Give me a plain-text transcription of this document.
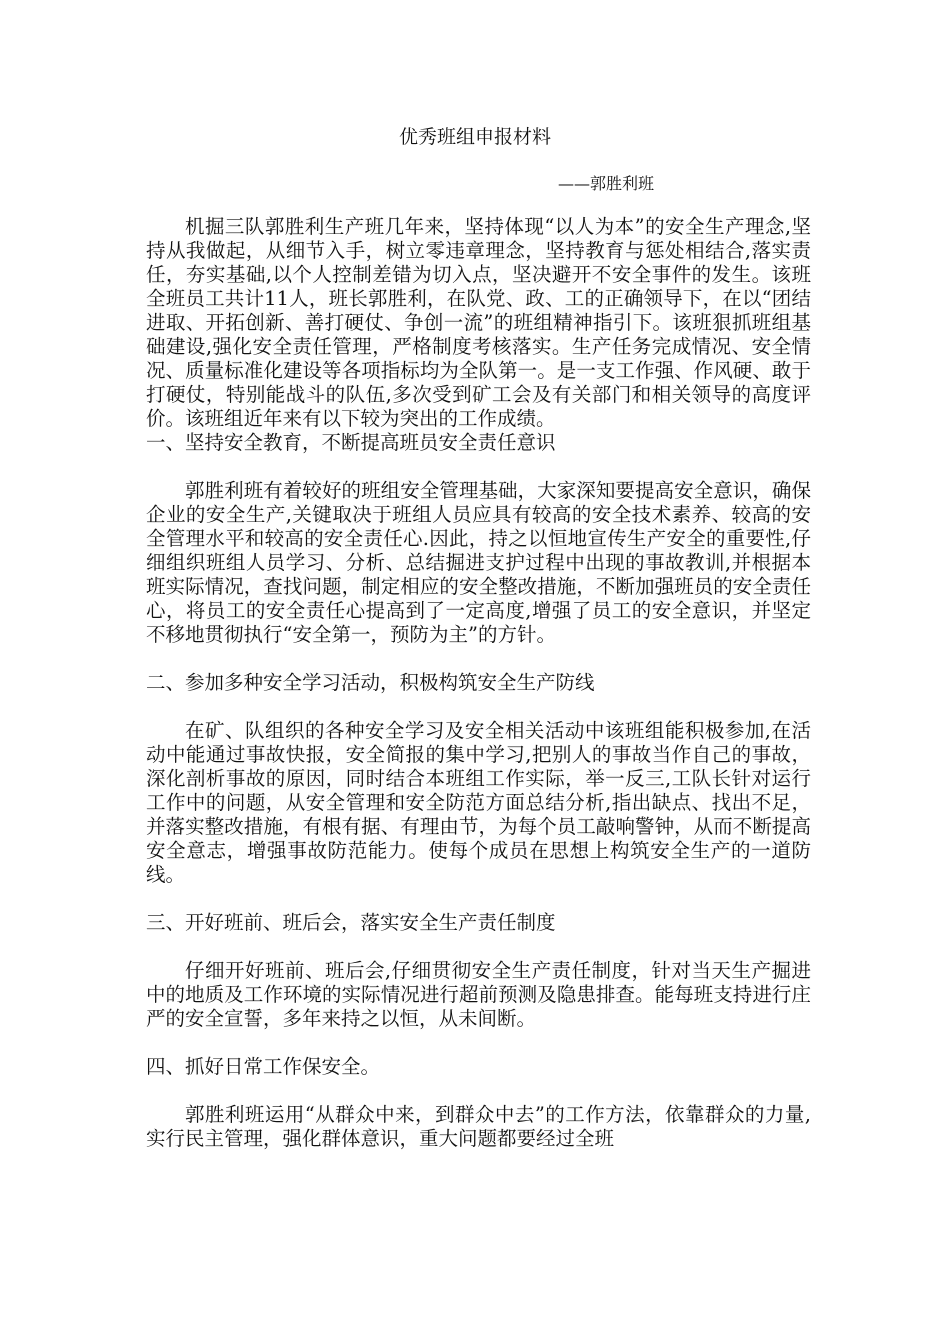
优秀班组申报材料
——郭胜利班

机掘三队郭胜利生产班几年来，坚持体现“以人为本”的安全生产理念,坚持从我做起，从细节入手，树立零违章理念，坚持教育与惩处相结合,落实责任，夯实基础,以个人控制差错为切入点，坚决避开不安全事件的发生。该班全班员工共计11人，班长郭胜利，在队党、政、工的正确领导下，在以“团结进取、开拓创新、善打硬仗、争创一流”的班组精神指引下。该班狠抓班组基础建设,强化安全责任管理，严格制度考核落实。生产任务完成情况、安全情况、质量标准化建设等各项指标均为全队第一。是一支工作强、作风硬、敢于打硬仗，特别能战斗的队伍,多次受到矿工会及有关部门和相关领导的高度评价。该班组近年来有以下较为突出的工作成绩。

一、坚持安全教育，不断提高班员安全责任意识

郭胜利班有着较好的班组安全管理基础，大家深知要提高安全意识，确保企业的安全生产,关键取决于班组人员应具有较高的安全技术素养、较高的安全管理水平和较高的安全责任心.因此，持之以恒地宣传生产安全的重要性,仔细组织班组人员学习、分析、总结掘进支护过程中出现的事故教训,并根据本班实际情况，查找问题，制定相应的安全整改措施，不断加强班员的安全责任心，将员工的安全责任心提高到了一定高度,增强了员工的安全意识，并坚定不移地贯彻执行“安全第一，预防为主”的方针。

二、参加多种安全学习活动，积极构筑安全生产防线

在矿、队组织的各种安全学习及安全相关活动中该班组能积极参加,在活动中能通过事故快报，安全简报的集中学习,把别人的事故当作自己的事故，深化剖析事故的原因，同时结合本班组工作实际，举一反三,工队长针对运行工作中的问题，从安全管理和安全防范方面总结分析,指出缺点、找出不足，并落实整改措施，有根有据、有理由节，为每个员工敲响警钟，从而不断提高安全意志，增强事故防范能力。使每个成员在思想上构筑安全生产的一道防线。

三、开好班前、班后会，落实安全生产责任制度

仔细开好班前、班后会,仔细贯彻安全生产责任制度，针对当天生产掘进中的地质及工作环境的实际情况进行超前预测及隐患排查。能每班支持进行庄严的安全宣誓，多年来持之以恒，从未间断。

四、抓好日常工作保安全。

郭胜利班运用“从群众中来，到群众中去”的工作方法，依靠群众的力量,实行民主管理，强化群体意识，重大问题都要经过全班
